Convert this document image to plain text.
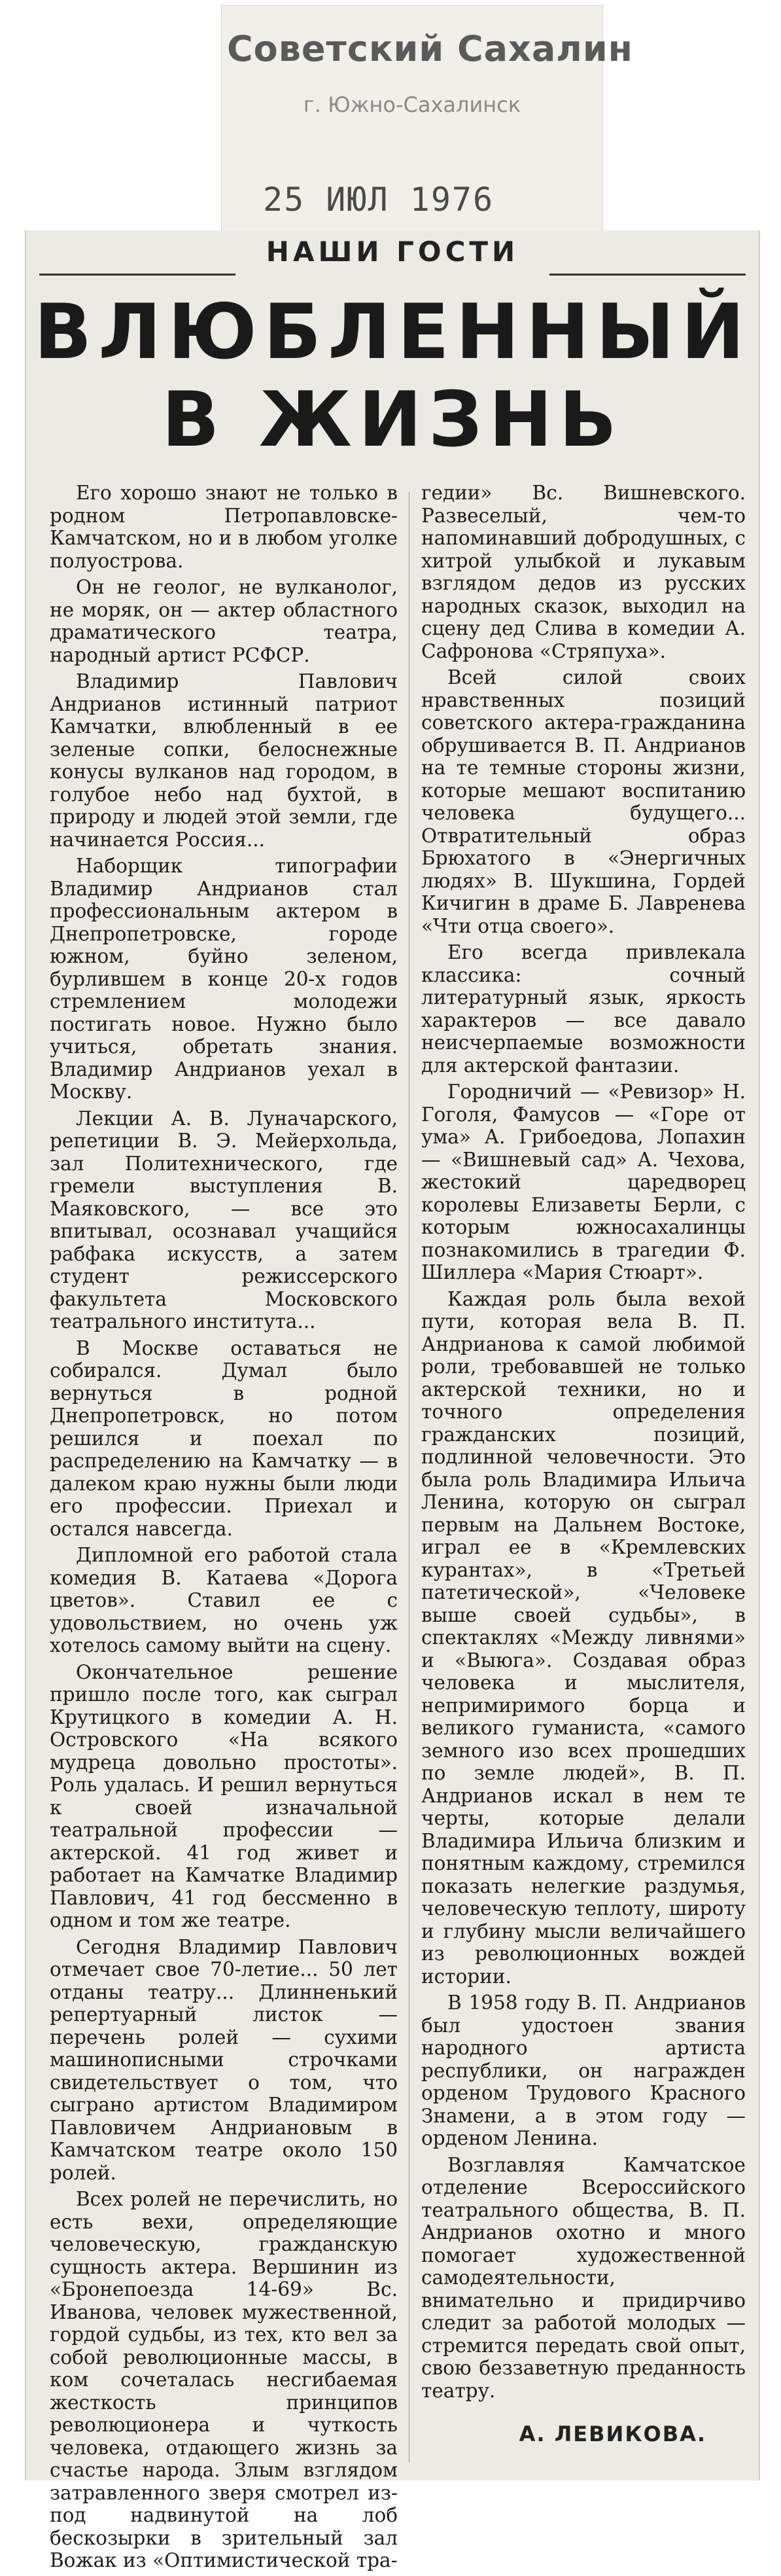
Советский Сахалин
г. Южно-Сахалинск
25 ИЮЛ 1976
НАШИ ГОСТИ
ВЛЮБЛЕННЫЙ
В ЖИЗНЬ

Его хорошо знают не только в родном Петропавловске-Камчатском, но и в любом уголке полуострова.

Он не геолог, не вулканолог, не моряк, он — актер областного драматического театра, народный артист РСФСР.

Владимир Павлович Андрианов истинный патриот Камчатки, влюбленный в ее зеленые сопки, белоснежные конусы вулканов над городом, в голубое небо над бухтой, в природу и людей этой земли, где начинается Россия...

Наборщик типографии Владимир Андрианов стал профессиональным актером в Днепропетровске, городе южном, буйно зеленом, бурлившем в конце 20-х годов стремлением молодежи постигать новое. Нужно было учиться, обретать знания. Владимир Андрианов уехал в Москву.

Лекции А. В. Луначарского, репетиции В. Э. Мейерхольда, зал Политехнического, где гремели выступления В. Маяковского, — все это впитывал, осознавал учащийся рабфака искусств, а затем студент режиссерского факультета Московского театрального института...

В Москве оставаться не собирался. Думал было вернуться в родной Днепропетровск, но потом решился и поехал по распределению на Камчатку — в далеком краю нужны были люди его профессии. Приехал и остался навсегда.

Дипломной его работой стала комедия В. Катаева «Дорога цветов». Ставил ее с удовольствием, но очень уж хотелось самому выйти на сцену.

Окончательное решение пришло после того, как сыграл Крутицкого в комедии А. Н. Островского «На всякого мудреца довольно простоты». Роль удалась. И решил вернуться к своей изначальной театральной профессии — актерской. 41 год живет и работает на Камчатке Владимир Павлович, 41 год бессменно в одном и том же театре.

Сегодня Владимир Павлович отмечает свое 70-летие... 50 лет отданы театру... Длинненький репертуарный листок — перечень ролей — сухими машинописными строчками свидетельствует о том, что сыграно артистом Владимиром Павловичем Андриановым в Камчатском театре около 150 ролей.

Всех ролей не перечислить, но есть вехи, определяющие человеческую, гражданскую сущность актера. Вершинин из «Бронепоезда 14-69» Вс. Иванова, человек мужественной, гордой судьбы, из тех, кто вел за собой революционные массы, в ком сочеталась несгибаемая жесткость принципов революционера и чуткость человека, отдающего жизнь за счастье народа. Злым взглядом затравленного зверя смотрел из-под надвинутой на лоб бескозырки в зрительный зал Вожак из «Оптимистической тра-

гедии» Вс. Вишневского. Развеселый, чем-то напоминавший добродушных, с хитрой улыбкой и лукавым взглядом дедов из русских народных сказок, выходил на сцену дед Слива в комедии А. Сафронова «Стряпуха».

Всей силой своих нравственных позиций советского актера-гражданина обрушивается В. П. Андрианов на те темные стороны жизни, которые мешают воспитанию человека будущего... Отвратительный образ Брюхатого в «Энергичных людях» В. Шукшина, Гордей Кичигин в драме Б. Лавренева «Чти отца своего».

Его всегда привлекала классика: сочный литературный язык, яркость характеров — все давало неисчерпаемые возможности для актерской фантазии.

Городничий — «Ревизор» Н. Гоголя, Фамусов — «Горе от ума» А. Грибоедова, Лопахин — «Вишневый сад» А. Чехова, жестокий царедворец королевы Елизаветы Берли, с которым южносахалинцы познакомились в трагедии Ф. Шиллера «Мария Стюарт».

Каждая роль была вехой пути, которая вела В. П. Андрианова к самой любимой роли, требовавшей не только актерской техники, но и точного определения гражданских позиций, подлинной человечности. Это была роль Владимира Ильича Ленина, которую он сыграл первым на Дальнем Востоке, играл ее в «Кремлевских курантах», в «Третьей патетической», «Человеке выше своей судьбы», в спектаклях «Между ливнями» и «Выюга». Создавая образ человека и мыслителя, непримиримого борца и великого гуманиста, «самого земного изо всех прошедших по земле людей», В. П. Андрианов искал в нем те черты, которые делали Владимира Ильича близким и понятным каждому, стремился показать нелегкие раздумья, человеческую теплоту, широту и глубину мысли величайшего из революционных вождей истории.

В 1958 году В. П. Андрианов был удостоен звания народного артиста республики, он награжден орденом Трудового Красного Знамени, а в этом году — орденом Ленина.

Возглавляя Камчатское отделение Всероссийского театрального общества, В. П. Андрианов охотно и много помогает художественной самодеятельности, внимательно и придирчиво следит за работой молодых — стремится передать свой опыт, свою беззаветную преданность театру.

А. ЛЕВИКОВА.
